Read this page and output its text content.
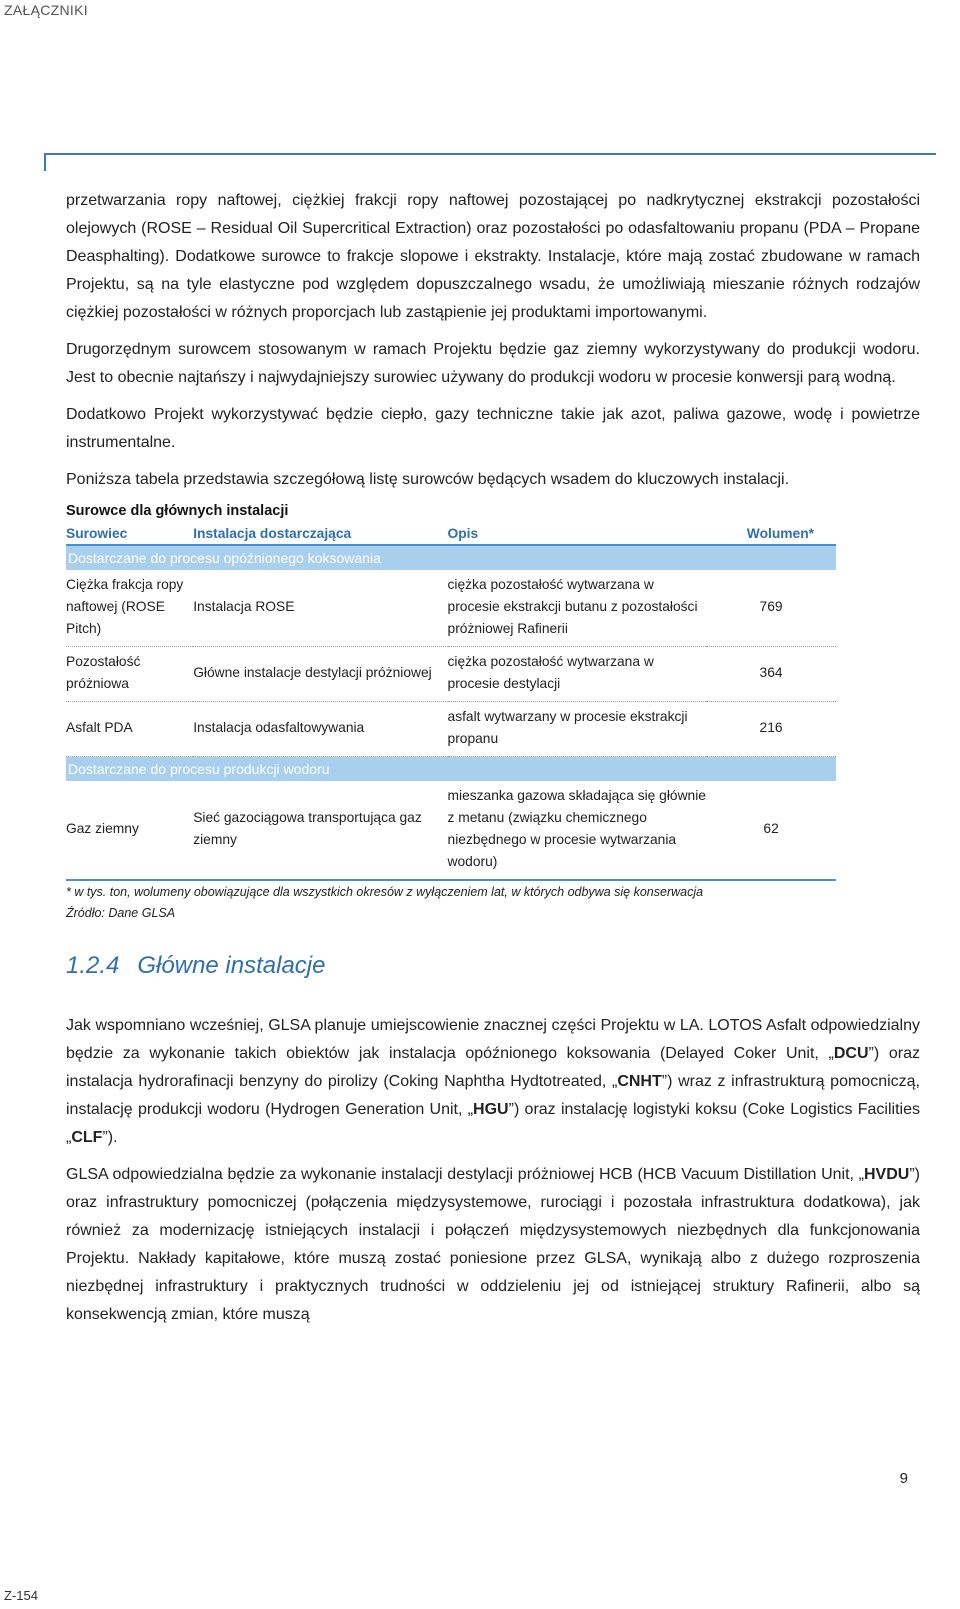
ZAŁĄCZNIKI

przetwarzania ropy naftowej, ciężkiej frakcji ropy naftowej pozostającej po nadkrytycznej ekstrakcji pozostałości olejowych (ROSE – Residual Oil Supercritical Extraction) oraz pozostałości po odasfaltowaniu propanu (PDA – Propane Deasphalting). Dodatkowe surowce to frakcje slopowe i ekstrakty. Instalacje, które mają zostać zbudowane w ramach Projektu, są na tyle elastyczne pod względem dopuszczalnego wsadu, że umożliwiają mieszanie różnych rodzajów ciężkiej pozostałości w różnych proporcjach lub zastąpienie jej produktami importowanymi.

Drugorzędnym surowcem stosowanym w ramach Projektu będzie gaz ziemny wykorzystywany do produkcji wodoru. Jest to obecnie najtańszy i najwydajniejszy surowiec używany do produkcji wodoru w procesie konwersji parą wodną.

Dodatkowo Projekt wykorzystywać będzie ciepło, gazy techniczne takie jak azot, paliwa gazowe, wodę i powietrze instrumentalne.

Poniższa tabela przedstawia szczegółową listę surowców będących wsadem do kluczowych instalacji.

Surowce dla głównych instalacji
Surowiec	Instalacja dostarczająca	Opis	Wolumen*
Dostarczane do procesu opóźnionego koksowania			
Ciężka frakcja ropy naftowej (ROSE Pitch)	Instalacja ROSE	ciężka pozostałość wytwarzana w procesie ekstrakcji butanu z pozostałości próżniowej Rafinerii	769
Pozostałość próżniowa	Główne instalacje destylacji próżniowej	ciężka pozostałość wytwarzana w procesie destylacji	364
Asfalt PDA	Instalacja odasfaltowywania	asfalt wytwarzany w procesie ekstrakcji propanu	216
Dostarczane do procesu produkcji wodoru			
Gaz ziemny	Sieć gazociągowa transportująca gaz ziemny	mieszanka gazowa składająca się głównie z metanu (związku chemicznego niezbędnego w procesie wytwarzania wodoru)	62
* w tys. ton, wolumeny obowiązujące dla wszystkich okresów z wyłączeniem lat, w których odbywa się konserwacja
Źródło: Dane GLSA
1.2.4 Główne instalacje

Jak wspomniano wcześniej, GLSA planuje umiejscowienie znacznej części Projektu w LA. LOTOS Asfalt odpowiedzialny będzie za wykonanie takich obiektów jak instalacja opóźnionego koksowania (Delayed Coker Unit, „DCU”) oraz instalacja hydrorafinacji benzyny do pirolizy (Coking Naphtha Hydtotreated, „CNHT”) wraz z infrastrukturą pomocniczą, instalację produkcji wodoru (Hydrogen Generation Unit, „HGU”) oraz instalację logistyki koksu (Coke Logistics Facilities „CLF”).

GLSA odpowiedzialna będzie za wykonanie instalacji destylacji próżniowej HCB (HCB Vacuum Distillation Unit, „HVDU”) oraz infrastruktury pomocniczej (połączenia międzysystemowe, rurociągi i pozostała infrastruktura dodatkowa), jak również za modernizację istniejących instalacji i połączeń międzysystemowych niezbędnych dla funkcjonowania Projektu. Nakłady kapitałowe, które muszą zostać poniesione przez GLSA, wynikają albo z dużego rozproszenia niezbędnej infrastruktury i praktycznych trudności w oddzieleniu jej od istniejącej struktury Rafinerii, albo są konsekwencją zmian, które muszą

9
Z-154
